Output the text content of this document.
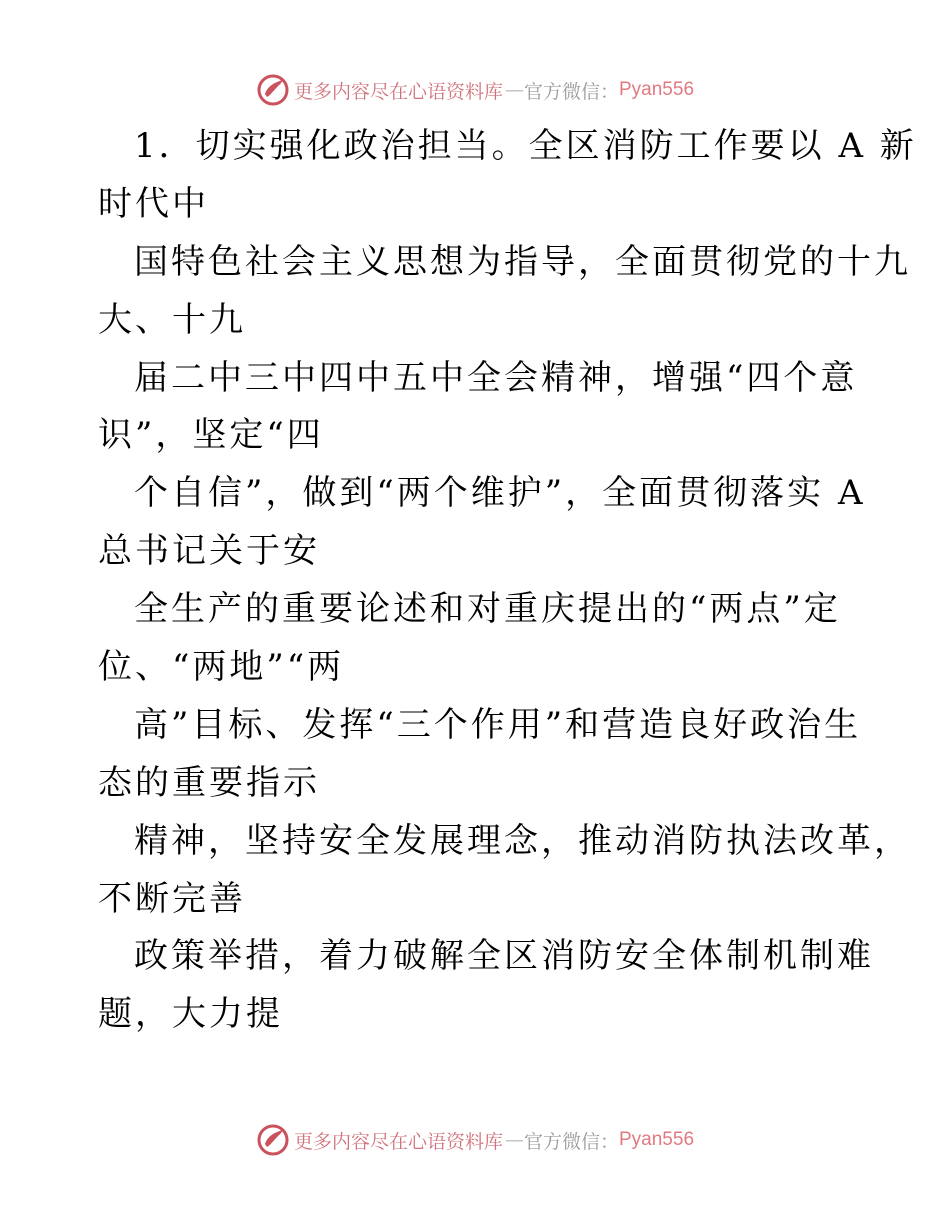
更多内容尽在心语资料库 — 官方微信： Pyan556
1．切实强化政治担当。全区消防工作要以 A 新
时代中
国特色社会主义思想为指导，全面贯彻党的十九
大、十九
届二中三中四中五中全会精神，增强“四个意
识”，坚定“四
个自信”，做到“两个维护”，全面贯彻落实 A
总书记关于安
全生产的重要论述和对重庆提出的“两点”定
位、“两地”“两
高”目标、发挥“三个作用”和营造良好政治生
态的重要指示
精神，坚持安全发展理念，推动消防执法改革，
不断完善
政策举措，着力破解全区消防安全体制机制难
题，大力提
更多内容尽在心语资料库 — 官方微信： Pyan556
